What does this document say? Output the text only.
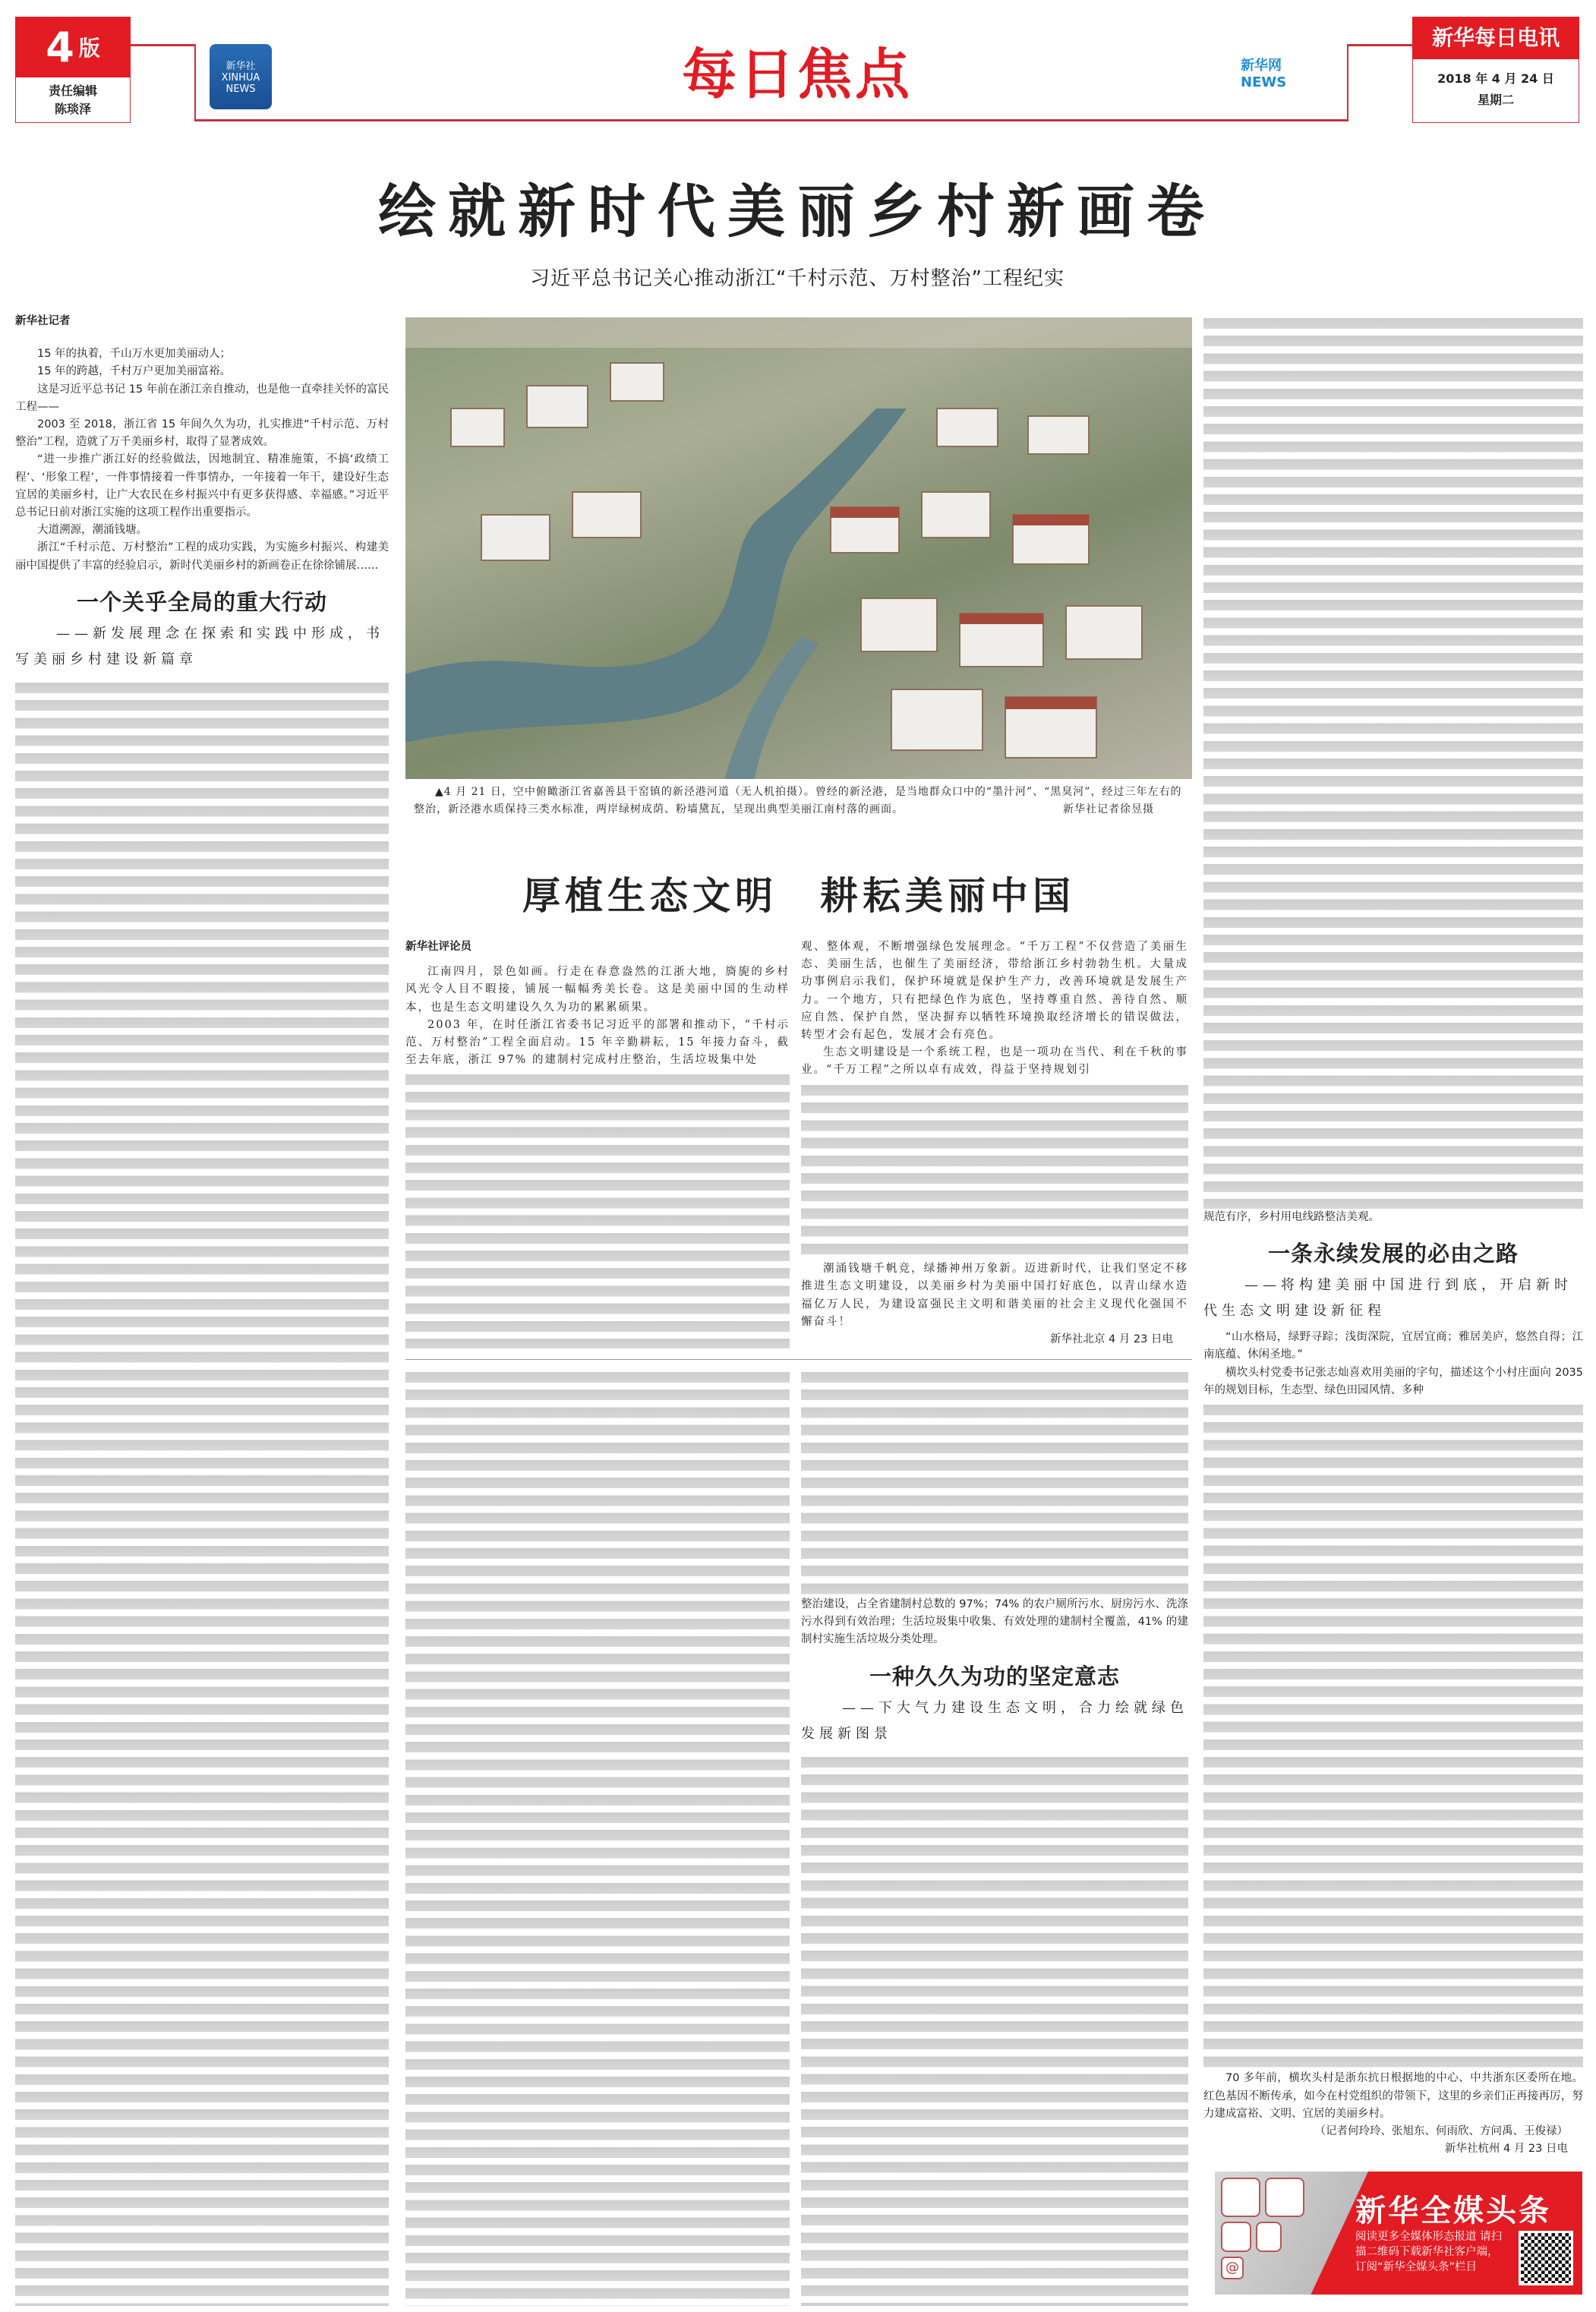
4 版
责任编辑
陈琰泽
新华社 XINHUA NEWS	每日焦点	新华网 NEWS
新华每日电讯
2018 年 4 月 24 日
星期二
绘就新时代美丽乡村新画卷
习近平总书记关心推动浙江“千村示范、万村整治”工程纪实
新华社记者
15 年的执着，千山万水更加美丽动人；
15 年的跨越，千村万户更加美丽富裕。
这是习近平总书记 15 年前在浙江亲自推动，也是他一直牵挂关怀的富民工程——
2003 至 2018，浙江省 15 年间久久为功，扎实推进“千村示范、万村整治”工程，造就了万千美丽乡村，取得了显著成效。
“进一步推广浙江好的经验做法，因地制宜、精准施策，不搞‘政绩工程’、‘形象工程’，一件事情接着一件事情办，一年接着一年干，建设好生态宜居的美丽乡村，让广大农民在乡村振兴中有更多获得感、幸福感。”习近平总书记日前对浙江实施的这项工程作出重要指示。
大道溯源，潮涌钱塘。
浙江“千村示范、万村整治”工程的成功实践，为实施乡村振兴、构建美丽中国提供了丰富的经验启示，新时代美丽乡村的新画卷正在徐徐铺展……
一个关乎全局的重大行动
——新发展理念在探索和实践中形成，书写美丽乡村建设新篇章
▲4 月 21 日，空中俯瞰浙江省嘉善县干窑镇的新泾港河道（无人机拍摄）。曾经的新泾港，是当地群众口中的“墨汁河”、“黑臭河”，经过三年左右的整治，新泾港水质保持三类水标准，两岸绿树成荫、粉墙黛瓦，呈现出典型美丽江南村落的画面。	新华社记者徐昱摄
厚植生态文明　耕耘美丽中国
新华社评论员
江南四月，景色如画。行走在春意盎然的江浙大地，旖旎的乡村风光令人目不暇接，铺展一幅幅秀美长卷。这是美丽中国的生动样本，也是生态文明建设久久为功的累累硕果。
2003 年，在时任浙江省委书记习近平的部署和推动下，“千村示范、万村整治”工程全面启动。15 年辛勤耕耘，15 年接力奋斗，截至去年底，浙江 97% 的建制村完成村庄整治，生活垃圾集中处
观、整体观，不断增强绿色发展理念。“千万工程”不仅营造了美丽生态、美丽生活，也催生了美丽经济，带给浙江乡村勃勃生机。大量成功事例启示我们，保护环境就是保护生产力，改善环境就是发展生产力。一个地方，只有把绿色作为底色，坚持尊重自然、善待自然、顺应自然、保护自然，坚决摒弃以牺牲环境换取经济增长的错误做法，转型才会有起色，发展才会有亮色。
生态文明建设是一个系统工程，也是一项功在当代、利在千秋的事业。“千万工程”之所以卓有成效，得益于坚持规划引
潮涌钱塘千帆竞，绿播神州万象新。迈进新时代，让我们坚定不移推进生态文明建设，以美丽乡村为美丽中国打好底色，以青山绿水造福亿万人民，为建设富强民主文明和谐美丽的社会主义现代化强国不懈奋斗！
新华社北京 4 月 23 日电
整治建设，占全省建制村总数的 97%；74% 的农户厕所污水、厨房污水、洗涤污水得到有效治理；生活垃圾集中收集、有效处理的建制村全覆盖，41% 的建制村实施生活垃圾分类处理。
一种久久为功的坚定意志
——下大气力建设生态文明，合力绘就绿色发展新图景
规范有序，乡村用电线路整洁美观。
一条永续发展的必由之路
——将构建美丽中国进行到底，开启新时代生态文明建设新征程
“山水格局，绿野寻踪；浅街深院，宜居宜商；雅居美庐，悠然自得；江南底蕴、休闲圣地。”
横坎头村党委书记张志灿喜欢用美丽的字句，描述这个小村庄面向 2035 年的规划目标，生态型、绿色田园风情、多种
70 多年前，横坎头村是浙东抗日根据地的中心、中共浙东区委所在地。红色基因不断传承，如今在村党组织的带领下，这里的乡亲们正再接再厉，努力建成富裕、文明、宜居的美丽乡村。
（记者何玲玲、张旭东、何雨欣、方问禹、王俊禄）
新华社杭州 4 月 23 日电
@
新华全媒头条
阅读更多全媒体形态报道 请扫描二维码下载新华社客户端，订阅“新华全媒头条”栏目
